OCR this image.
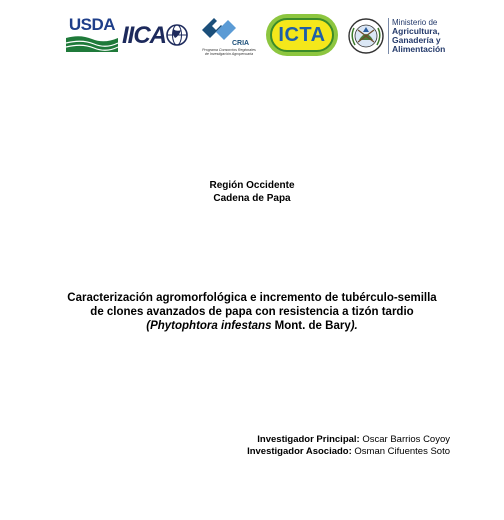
USDA IICA	CRIA
Programa Consorcios Regionales de Investigación Agropecuaria
ICTA
Ministerio de
Agricultura,
Ganadería y
Alimentación
Región Occidente
Cadena de Papa
Caracterización agromorfológica e incremento de tubérculo-semilla de clones avanzados de papa con resistencia a tizón tardio (Phytophtora infestans Mont. de Bary).
Investigador Principal: Oscar Barrios Coyoy
Investigador Asociado: Osman Cifuentes Soto
